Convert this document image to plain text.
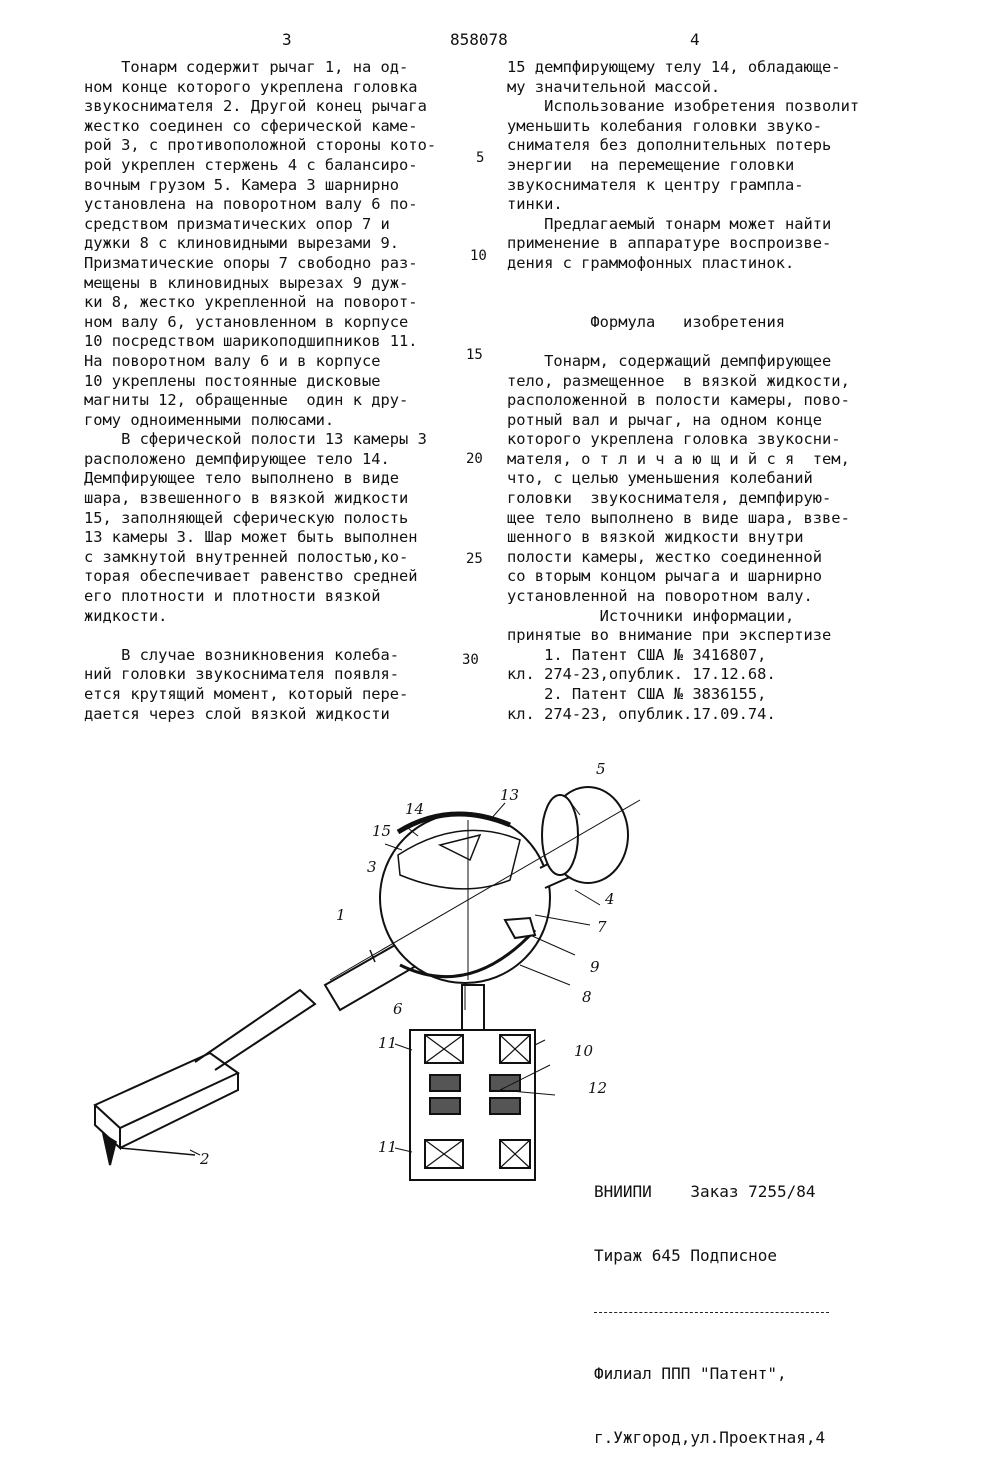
3	858078	4
Тонарм содержит рычаг 1, на од-
ном конце которого укреплена головка
звукоснимателя 2. Другой конец рычага
жестко соединен со сферической каме-
рой 3, с противоположной стороны кото-
рой укреплен стержень 4 с балансиро-
вочным грузом 5. Камера 3 шарнирно
установлена на поворотном валу 6 по-
средством призматических опор 7 и
дужки 8 с клиновидными вырезами 9.
Призматические опоры 7 свободно раз-
мещены в клиновидных вырезах 9 дуж-
ки 8, жестко укрепленной на поворот-
ном валу 6, установленном в корпусе
10 посредством шарикоподшипников 11.
На поворотном валу 6 и в корпусе
10 укреплены постоянные дисковые
магниты 12, обращенные  один к дру-
гому одноименными полюсами.
В сферической полости 13 камеры 3
расположено демпфирующее тело 14.
Демпфирующее тело выполнено в виде
шара, взвешенного в вязкой жидкости
15, заполняющей сферическую полость
13 камеры 3. Шар может быть выполнен
с замкнутой внутренней полостью,ко-
торая обеспечивает равенство средней
его плотности и плотности вязкой
жидкости.
В случае возникновения колеба-
ний головки звукоснимателя появля-
ется крутящий момент, который пере-
дается через слой вязкой жидкости
15 демпфирующему телу 14, обладающе-
му значительной массой.
Использование изобретения позволит
уменьшить колебания головки звуко-
снимателя без дополнительных потерь
энергии  на перемещение головки
звукоснимателя к центру грампла-
тинки.
Предлагаемый тонарм может найти
применение в аппаратуре воспроизве-
дения с граммофонных пластинок.
Формула   изобретения
Тонарм, содержащий демпфирующее
тело, размещенное  в вязкой жидкости,
расположенной в полости камеры, пово-
ротный вал и рычаг, на одном конце
которого укреплена головка звукосни-
мателя, о т л и ч а ю щ и й с я  тем,
что, с целью уменьшения колебаний
головки  звукоснимателя, демпфирую-
щее тело выполнено в виде шара, взве-
шенного в вязкой жидкости внутри
полости камеры, жестко соединенной
со вторым концом рычага и шарнирно
установленной на поворотном валу.
Источники информации,
принятые во внимание при экспертизе
1. Патент США № 3416807,
кл. 274-23,опублик. 17.12.68.
2. Патент США № 3836155,
кл. 274-23, опублик.17.09.74.
5
10
15
20
25
30
1
2
3
4
5
6
7
8
9
10
11
11
12
13
14
15

ВНИИПИ    Заказ 7255/84

Тираж 645 Подписное

Филиал ППП "Патент",

г.Ужгород,ул.Проектная,4
